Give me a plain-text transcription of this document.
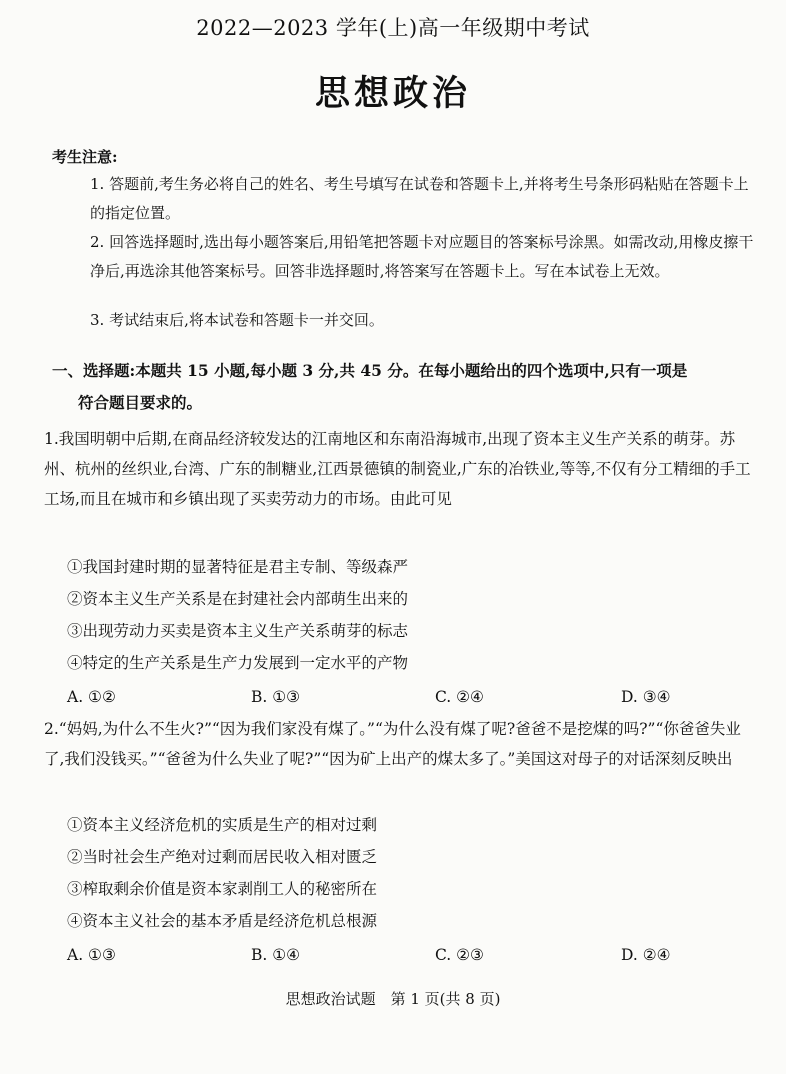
2022—2023 学年(上)高一年级期中考试
思想政治
考生注意:
1. 答题前,考生务必将自己的姓名、考生号填写在试卷和答题卡上,并将考生号条形码粘贴在答题卡上的指定位置。
2. 回答选择题时,选出每小题答案后,用铅笔把答题卡对应题目的答案标号涂黑。如需改动,用橡皮擦干净后,再选涂其他答案标号。回答非选择题时,将答案写在答题卡上。写在本试卷上无效。
3. 考试结束后,将本试卷和答题卡一并交回。
一、选择题:本题共 15 小题,每小题 3 分,共 45 分。在每小题给出的四个选项中,只有一项是
符合题目要求的。
1.我国明朝中后期,在商品经济较发达的江南地区和东南沿海城市,出现了资本主义生产关系的萌芽。苏州、杭州的丝织业,台湾、广东的制糖业,江西景德镇的制瓷业,广东的冶铁业,等等,不仅有分工精细的手工工场,而且在城市和乡镇出现了买卖劳动力的市场。由此可见
①我国封建时期的显著特征是君主专制、等级森严
②资本主义生产关系是在封建社会内部萌生出来的
③出现劳动力买卖是资本主义生产关系萌芽的标志
④特定的生产关系是生产力发展到一定水平的产物
A. ①②	B. ①③	C. ②④	D. ③④
2.“妈妈,为什么不生火?”“因为我们家没有煤了。”“为什么没有煤了呢?爸爸不是挖煤的吗?”“你爸爸失业了,我们没钱买。”“爸爸为什么失业了呢?”“因为矿上出产的煤太多了。”美国这对母子的对话深刻反映出
①资本主义经济危机的实质是生产的相对过剩
②当时社会生产绝对过剩而居民收入相对匮乏
③榨取剩余价值是资本家剥削工人的秘密所在
④资本主义社会的基本矛盾是经济危机总根源
A. ①③	B. ①④	C. ②③	D. ②④
思想政治试题　第 1 页(共 8 页)
